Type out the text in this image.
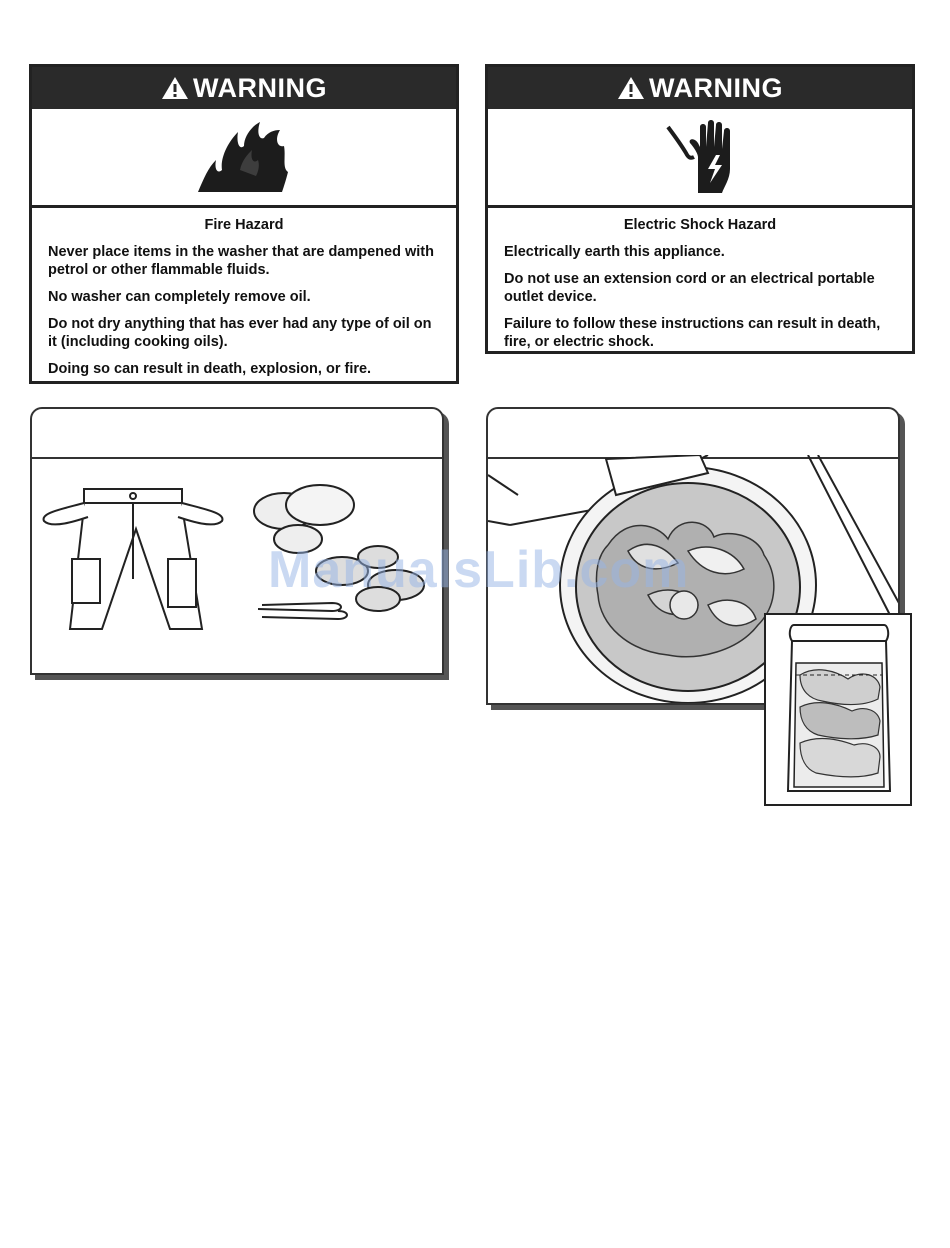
WARNING
Fire Hazard

Never place items in the washer that are dampened with petrol or other flammable fluids.

No washer can completely remove oil.

Do not dry anything that has ever had any type of oil on it (including cooking oils).

Doing so can result in death, explosion, or fire.

WARNING
Electric Shock Hazard

Electrically earth this appliance.

Do not use an extension cord or an electrical portable outlet device.

Failure to follow these instructions can result in death, fire, or electric shock.

ManualsLib.com
